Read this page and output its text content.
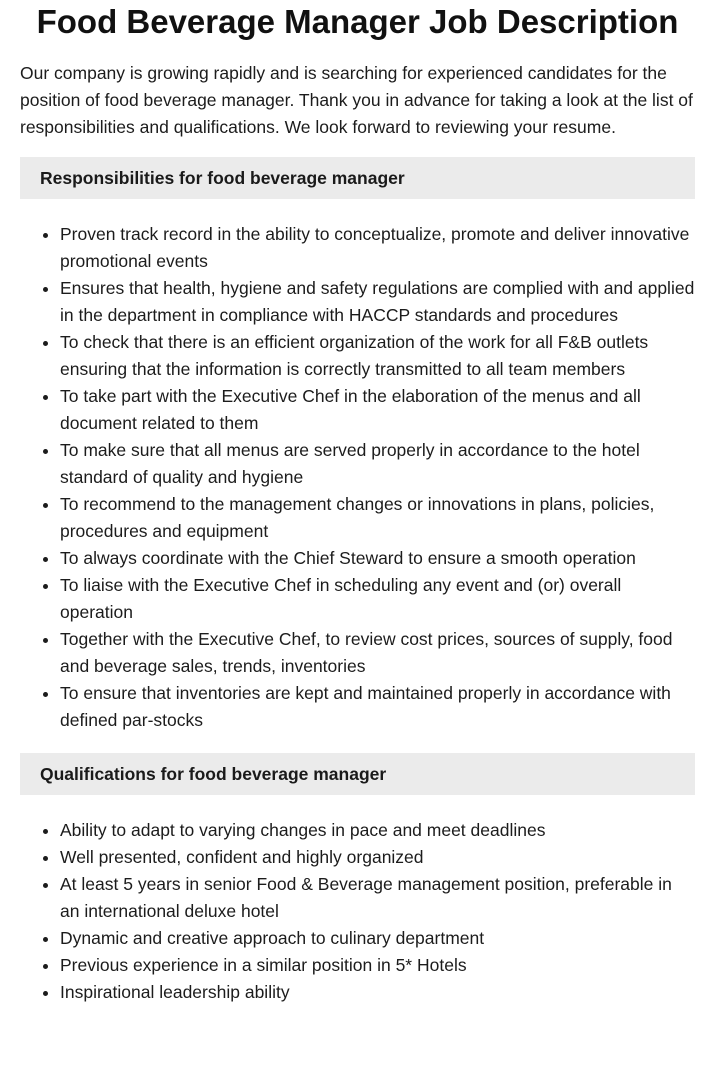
Food Beverage Manager Job Description

Our company is growing rapidly and is searching for experienced candidates for the position of food beverage manager. Thank you in advance for taking a look at the list of responsibilities and qualifications. We look forward to reviewing your resume.

Responsibilities for food beverage manager
• Proven track record in the ability to conceptualize, promote and deliver innovative promotional events
• Ensures that health, hygiene and safety regulations are complied with and applied in the department in compliance with HACCP standards and procedures
• To check that there is an efficient organization of the work for all F&B outlets ensuring that the information is correctly transmitted to all team members
• To take part with the Executive Chef in the elaboration of the menus and all document related to them
• To make sure that all menus are served properly in accordance to the hotel standard of quality and hygiene
• To recommend to the management changes or innovations in plans, policies, procedures and equipment
• To always coordinate with the Chief Steward to ensure a smooth operation
• To liaise with the Executive Chef in scheduling any event and (or) overall operation
• Together with the Executive Chef, to review cost prices, sources of supply, food and beverage sales, trends, inventories
• To ensure that inventories are kept and maintained properly in accordance with defined par-stocks
Qualifications for food beverage manager
• Ability to adapt to varying changes in pace and meet deadlines
• Well presented, confident and highly organized
• At least 5 years in senior Food & Beverage management position, preferable in an international deluxe hotel
• Dynamic and creative approach to culinary department
• Previous experience in a similar position in 5* Hotels
• Inspirational leadership ability
